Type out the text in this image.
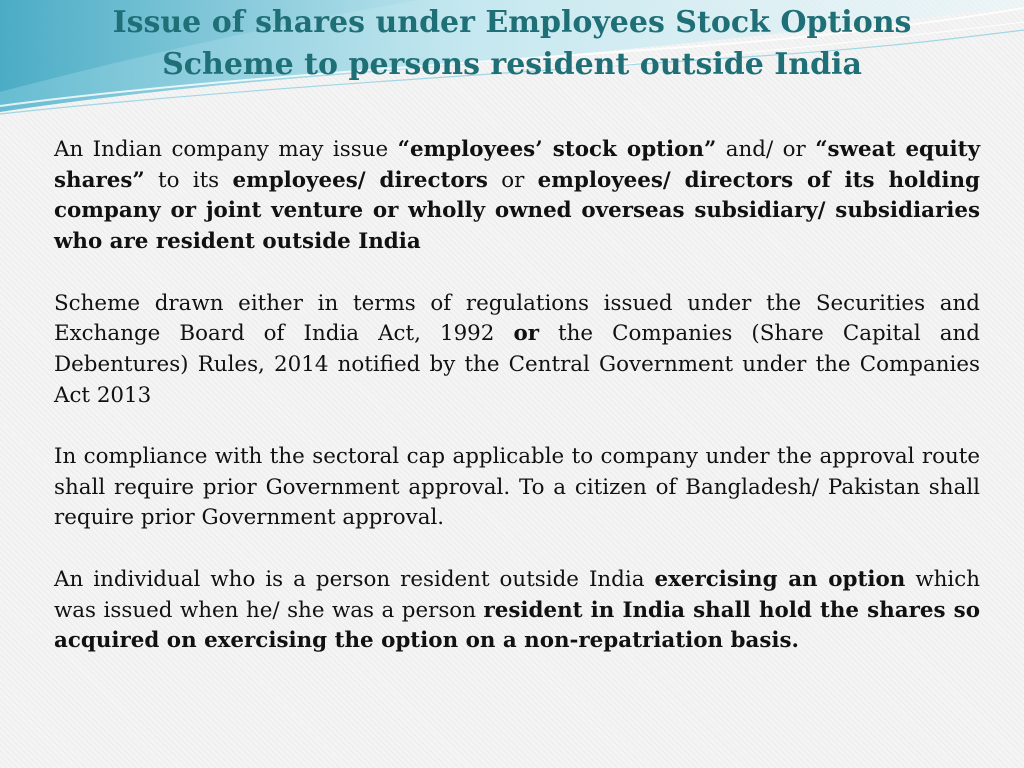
Issue of shares under Employees Stock Options
Scheme to persons resident outside India

An Indian company may issue “employees’ stock option” and/ or “sweat equity shares” to its employees/ directors or employees/ directors of its holding company or joint venture or wholly owned overseas subsidiary/ subsidiaries who are resident outside India

Scheme drawn either in terms of regulations issued under the Securities and Exchange Board of India Act, 1992 or the Companies (Share Capital and Debentures) Rules, 2014 notified by the Central Government under the Companies Act 2013

In compliance with the sectoral cap applicable to company under the approval route shall require prior Government approval. To a citizen of Bangladesh/ Pakistan shall require prior Government approval.

An individual who is a person resident outside India exercising an option which was issued when he/ she was a person resident in India shall hold the shares so acquired on exercising the option on a non-repatriation basis.
